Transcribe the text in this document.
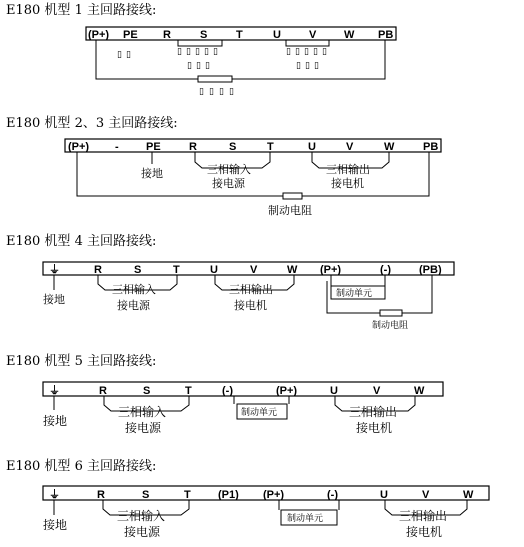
E180 机型 1 主回路接线:
(P+) PE R	S	T	U	V	W PB
▯ ▯	▯ ▯ ▯ ▯ ▯
▯ ▯ ▯
▯ ▯ ▯ ▯ ▯
▯ ▯ ▯
▯ ▯ ▯ ▯
E180 机型 2、3 主回路接线:
(P+) - PE	R	S	T	U	V	W	PB
接地	三相输入
接电源
三相输出
接电机
制动电阻
E180 机型 4 主回路接线:
⏚	R	S	T	U	V	W (P+)	(-)	(PB)
接地
三相输入
接电源
三相输出
接电机
制动单元
制动电阻
E180 机型 5 主回路接线:
⏚	R	S	T	(-)	(P+)	U	V	W
接地
三相输入
接电源
制动单元	三相输出
接电机
E180 机型 6 主回路接线:
⏚	R	S	T (P1) (P+)	(-)	U	V	W
接地
三相输入
接电源
制动单元	三相输出
接电机
